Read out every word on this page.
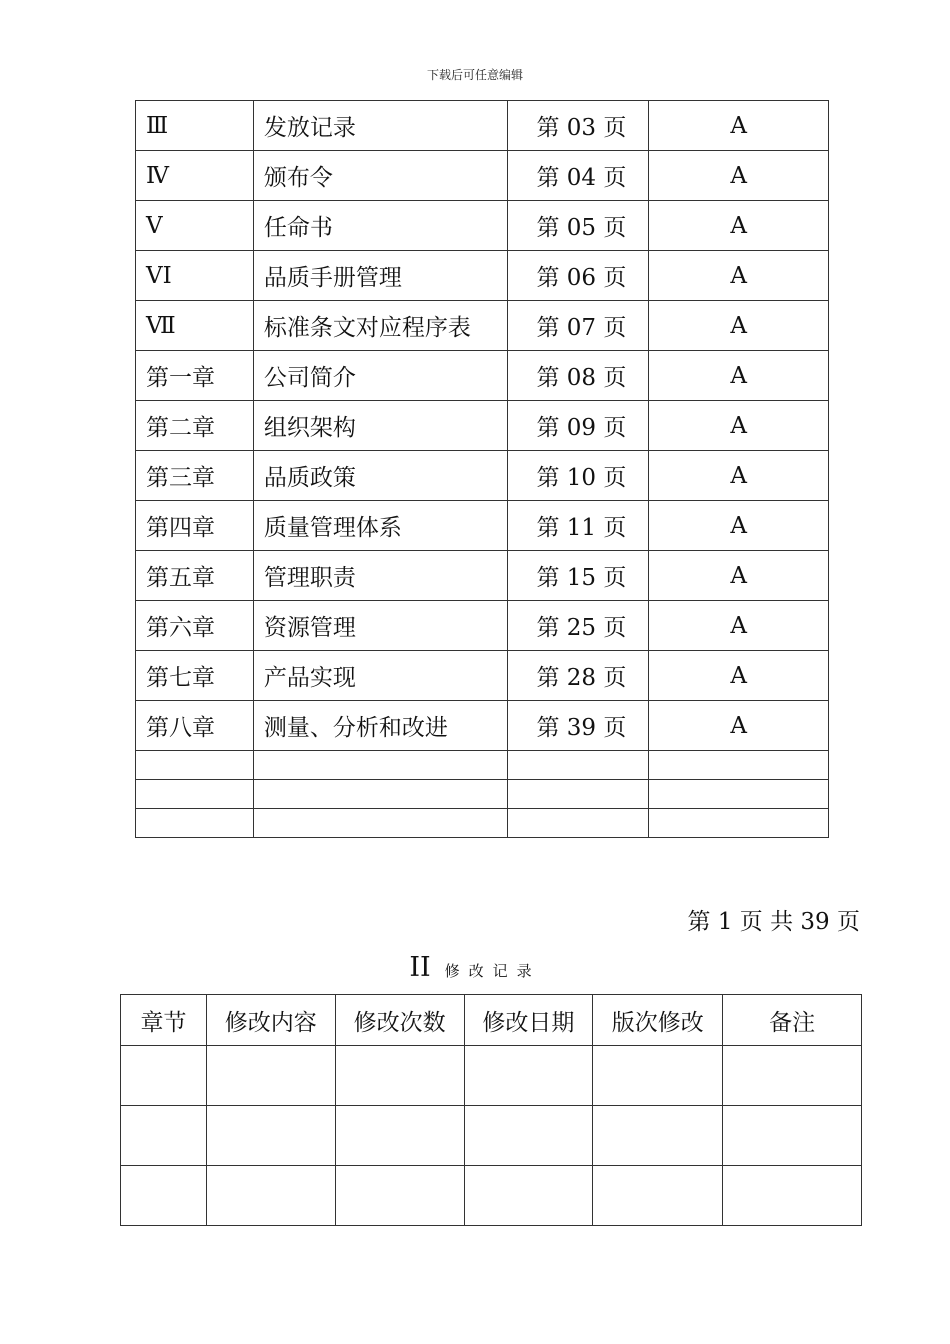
下载后可任意编辑
Ⅲ	发放记录	第 03 页	A
Ⅳ	颁布令	第 04 页	A
Ⅴ	任命书	第 05 页	A
VI	品质手册管理	第 06 页	A
Ⅶ	标准条文对应程序表	第 07 页	A
第一章	公司简介	第 08 页	A
第二章	组织架构	第 09 页	A
第三章	品质政策	第 10 页	A
第四章	质量管理体系	第 11 页	A
第五章	管理职责	第 15 页	A
第六章	资源管理	第 25 页	A
第七章	产品实现	第 28 页	A
第八章	测量、分析和改进	第 39 页	A

第 1 页 共 39 页
II 修改记录
章节	修改内容	修改次数	修改日期	版次修改	备注
